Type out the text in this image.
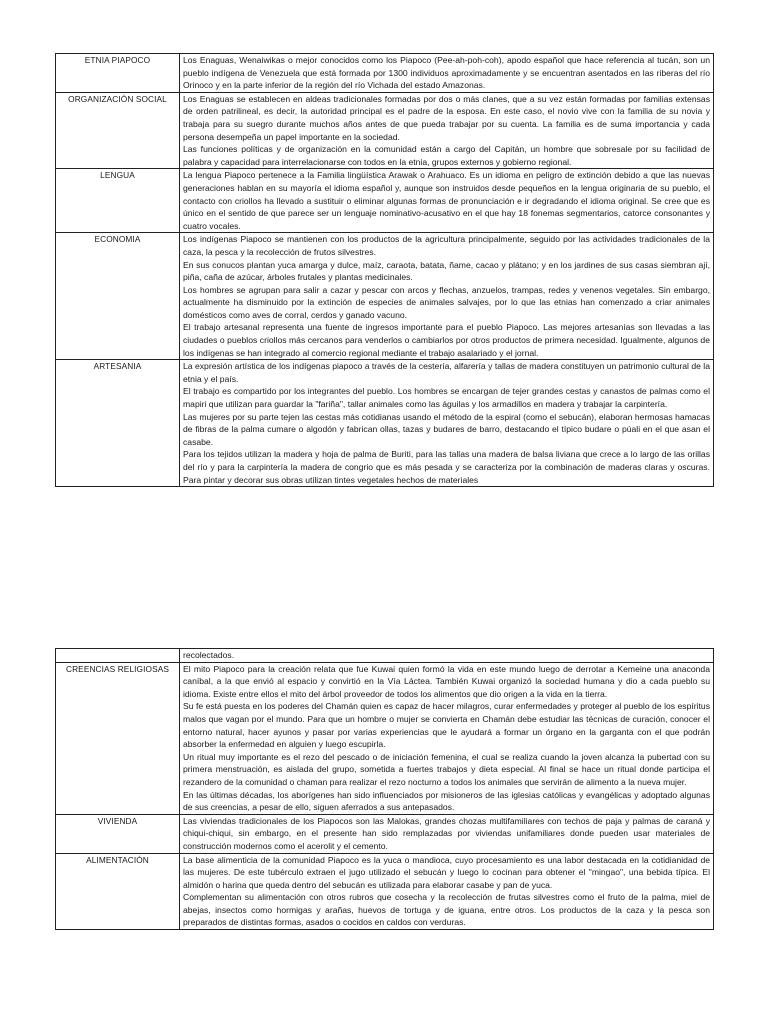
ETNIA PIAPOCO	Los Enaguas, Wenaiwikas o mejor conocidos como los Piapoco (Pee-ah-poh-coh), apodo español que hace referencia al tucán, son un pueblo indígena de Venezuela que está formada por 1300 individuos aproximadamente y se encuentran asentados en las riberas del río Orinoco y en la parte inferior de la región del río Vichada del estado Amazonas.

ORGANIZACIÓN SOCIAL	Los Enaguas se establecen en aldeas tradicionales formadas por dos o más clanes, que a su vez están formadas por familias extensas de orden patrilineal, es decir, la autoridad principal es el padre de la esposa. En este caso, el novio vive con la familia de su novia y trabaja para su suegro durante muchos años antes de que pueda trabajar por su cuenta. La familia es de suma importancia y cada persona desempeña un papel importante en la sociedad.

Las funciones políticas y de organización en la comunidad están a cargo del Capitán, un hombre que sobresale por su facilidad de palabra y capacidad para interrelacionarse con todos en la etnia, grupos externos y gobierno regional.

LENGUA	La lengua Piapoco pertenece a la Familia lingüística Arawak o Arahuaco. Es un idioma en peligro de extinción debido a que las nuevas generaciones hablan en su mayoría el idioma español y, aunque son instruidos desde pequeños en la lengua originaria de su pueblo, el contacto con criollos ha llevado a sustituir o eliminar algunas formas de pronunciación e ir degradando el idioma original. Se cree que es único en el sentido de que parece ser un lenguaje nominativo-acusativo en el que hay 18 fonemas segmentarios, catorce consonantes y cuatro vocales.

ECONOMIA	Los indígenas Piapoco se mantienen con los productos de la agricultura principalmente, seguido por las actividades tradicionales de la caza, la pesca y la recolección de frutos silvestres.

En sus conucos plantan yuca amarga y dulce, maíz, caraota, batata, ñame, cacao y plátano; y en los jardines de sus casas siembran ají, piña, caña de azúcar, árboles frutales y plantas medicinales.

Los hombres se agrupan para salir a cazar y pescar con arcos y flechas, anzuelos, trampas, redes y venenos vegetales. Sin embargo, actualmente ha disminuido por la extinción de especies de animales salvajes, por lo que las etnias han comenzado a criar animales domésticos como aves de corral, cerdos y ganado vacuno.

El trabajo artesanal representa una fuente de ingresos importante para el pueblo Piapoco. Las mejores artesanías son llevadas a las ciudades o pueblos criollos más cercanos para venderlos o cambiarlos por otros productos de primera necesidad. Igualmente, algunos de los indígenas se han integrado al comercio regional mediante el trabajo asalariado y el jornal.

ARTESANIA	La expresión artística de los indígenas piapoco a través de la cestería, alfarería y tallas de madera constituyen un patrimonio cultural de la etnia y el país.

El trabajo es compartido por los integrantes del pueblo. Los hombres se encargan de tejer grandes cestas y canastos de palmas como el mapiri que utilizan para guardar la "fariña", tallar animales como las águilas y los armadillos en madera y trabajar la carpintería.

Las mujeres por su parte tejen las cestas más cotidianas usando el método de la espiral (como el sebucán), elaboran hermosas hamacas de fibras de la palma cumare o algodón y fabrican ollas, tazas y budares de barro, destacando el típico budare o púali en el que asan el casabe.

Para los tejidos utilizan la madera y hoja de palma de Buriti, para las tallas una madera de balsa liviana que crece a lo largo de las orillas del río y para la carpintería la madera de congrio que es más pesada y se caracteriza por la combinación de maderas claras y oscuras. Para pintar y decorar sus obras utilizan tintes vegetales hechos de materiales

	recolectados.

CREENCIAS RELIGIOSAS	El mito Piapoco para la creación relata que fue Kuwai quien formó la vida en este mundo luego de derrotar a Kemeine una anaconda caníbal, a la que envió al espacio y convirtió en la Vía Láctea. También Kuwai organizó la sociedad humana y dio a cada pueblo su idioma. Existe entre ellos el mito del árbol proveedor de todos los alimentos que dio origen a la vida en la tierra.

Su fe está puesta en los poderes del Chamán quien es capaz de hacer milagros, curar enfermedades y proteger al pueblo de los espíritus malos que vagan por el mundo. Para que un hombre o mujer se convierta en Chamán debe estudiar las técnicas de curación, conocer el entorno natural, hacer ayunos y pasar por varias experiencias que le ayudará a formar un órgano en la garganta con el que podrán absorber la enfermedad en alguien y luego escupirla.

Un ritual muy importante es el rezo del pescado o de iniciación femenina, el cual se realiza cuando la joven alcanza la pubertad con su primera menstruación, es aislada del grupo, sometida a fuertes trabajos y dieta especial. Al final se hace un ritual donde participa el rezandero de la comunidad o chaman para realizar el rezo nocturno a todos los animales que servirán de alimento a la nueva mujer.

En las últimas décadas, los aborígenes han sido influenciados por misioneros de las iglesias católicas y evangélicas y adoptado algunas de sus creencias, a pesar de ello, siguen aferrados a sus antepasados.

VIVIENDA	Las viviendas tradicionales de los Piapocos son las Malokas, grandes chozas multifamiliares con techos de paja y palmas de caraná y chiqui-chiqui, sin embargo, en el presente han sido remplazadas por viviendas unifamiliares donde pueden usar materiales de construcción modernos como el acerolit y el cemento.

ALIMENTACIÓN	La base alimenticia de la comunidad Piapoco es la yuca o mandioca, cuyo procesamiento es una labor destacada en la cotidianidad de las mujeres. De este tubérculo extraen el jugo utilizado el sebucán y luego lo cocinan para obtener el "mingao", una bebida típica. El almidón o harina que queda dentro del sebucán es utilizada para elaborar casabe y pan de yuca.

Complementan su alimentación con otros rubros que cosecha y la recolección de frutas silvestres como el fruto de la palma, miel de abejas, insectos como hormigas y arañas, huevos de tortuga y de iguana, entre otros. Los productos de la caza y la pesca son preparados de distintas formas, asados o cocidos en caldos con verduras.
